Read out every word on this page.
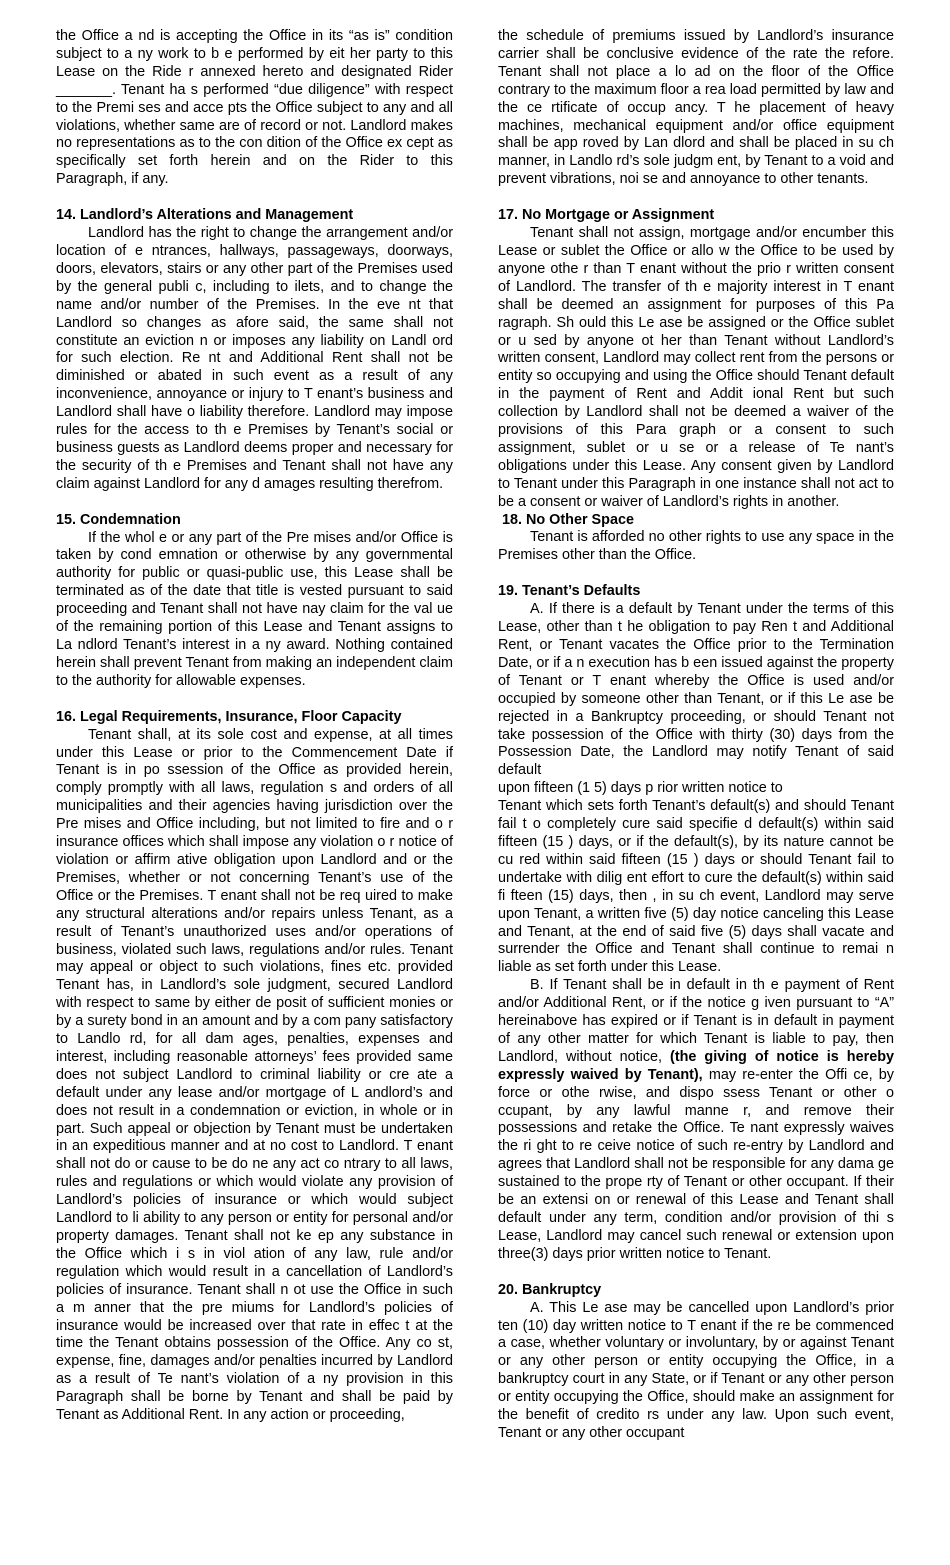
the Office a nd is accepting the Office in its “as is” condition subject to a ny work to b e performed by eit her party to this Lease on the Ride r annexed hereto and designated Rider _______. Tenant ha s performed “due diligence” with respect to the Premi ses and acce pts the Office subject to any and all violations, whether same are of record or not. Landlord makes no representations as to the con dition of the Office ex cept as specifically set forth herein and on the Rider to this Paragraph, if any.

14. Landlord’s Alterations and Management

Landlord has the right to change the arrangement and/or location of e ntrances, hallways, passageways, doorways, doors, elevators, stairs or any other part of the Premises used by the general publi c, including to ilets, and to change the name and/or number of the Premises. In the eve nt that Landlord so changes as afore said, the same shall not constitute an eviction n or imposes any liability on Landl ord for such election. Re nt and Additional Rent shall not be diminished or abated in such event as a result of any inconvenience, annoyance or injury to T enant’s business and Landlord shall have o liability therefore. Landlord may impose rules for the access to th e Premises by Tenant’s social or business guests as Landlord deems proper and necessary for the security of th e Premises and Tenant shall not have any claim against Landlord for any d amages resulting therefrom.

15. Condemnation

If the whol e or any part of the Pre mises and/or Office is taken by cond emnation or otherwise by any governmental authority for public or quasi-public use, this Lease shall be terminated as of the date that title is vested pursuant to said proceeding and Tenant shall not have nay claim for the val ue of the remaining portion of this Lease and Tenant assigns to La ndlord Tenant’s interest in a ny award. Nothing contained herein shall prevent Tenant from making an independent claim to the authority for allowable expenses.

16. Legal Requirements, Insurance, Floor Capacity

Tenant shall, at its sole cost and expense, at all times under this Lease or prior to the Commencement Date if Tenant is in po ssession of the Office as provided herein, comply promptly with all laws, regulation s and orders of all municipalities and their agencies having jurisdiction over the Pre mises and Office including, but not limited to fire and o r insurance offices which shall impose any violation o r notice of violation or affirm ative obligation upon Landlord and or the Premises, whether or not concerning Tenant’s use of the Office or the Premises. T enant shall not be req uired to make any structural alterations and/or repairs unless Tenant, as a result of Tenant’s unauthorized uses and/or operations of business, violated such laws, regulations and/or rules. Tenant may appeal or object to such violations, fines etc. provided Tenant has, in Landlord’s sole judgment, secured Landlord with respect to same by either de posit of sufficient monies or by a surety bond in an amount and by a com pany satisfactory to Landlo rd, for all dam ages, penalties, expenses and interest, including reasonable attorneys’ fees provided same does not subject Landlord to criminal liability or cre ate a default under any lease and/or mortgage of L andlord’s and does not result in a condemnation or eviction, in whole or in part. Such appeal or objection by Tenant must be undertaken in an expeditious manner and at no cost to Landlord. T enant shall not do or cause to be do ne any act co ntrary to all laws, rules and regulations or which would violate any provision of Landlord’s policies of insurance or which would subject Landlord to li ability to any person or entity for personal and/or property damages. Tenant shall not ke ep any substance in the Office which i s in viol ation of any law, rule and/or regulation which would result in a cancellation of Landlord’s policies of insurance. Tenant shall n ot use the Office in such a m anner that the pre miums for Landlord’s policies of insurance would be increased over that rate in effec t at the time the Tenant obtains possession of the Office. Any co st, expense, fine, damages and/or penalties incurred by Landlord as a result of Te nant’s violation of a ny provision in this Paragraph shall be borne by Tenant and shall be paid by Tenant as Additional Rent. In any action or proceeding,

the schedule of premiums issued by Landlord’s insurance carrier shall be conclusive evidence of the rate the refore. Tenant shall not place a lo ad on the floor of the Office contrary to the maximum floor a rea load permitted by law and the ce rtificate of occup ancy. T he placement of heavy machines, mechanical equipment and/or office equipment shall be app roved by Lan dlord and shall be placed in su ch manner, in Landlo rd’s sole judgm ent, by Tenant to a void and prevent vibrations, noi se and annoyance to other tenants.

17. No Mortgage or Assignment

Tenant shall not assign, mortgage and/or encumber this Lease or sublet the Office or allo w the Office to be used by anyone othe r than T enant without the prio r written consent of Landlord. The transfer of th e majority interest in T enant shall be deemed an assignment for purposes of this Pa ragraph. Sh ould this Le ase be assigned or the Office sublet or u sed by anyone ot her than Tenant without Landlord’s written consent, Landlord may collect rent from the persons or entity so occupying and using the Office should Tenant default in the payment of Rent and Addit ional Rent but such collection by Landlord shall not be deemed a waiver of the provisions of this Para graph or a consent to such assignment, sublet or u se or a release of Te nant’s obligations under this Lease. Any consent given by Landlord to Tenant under this Paragraph in one instance shall not act to be a consent or waiver of Landlord’s rights in another.

18. No Other Space

Tenant is afforded no other rights to use any space in the Premises other than the Office.

19. Tenant’s Defaults

A. If there is a default by Tenant under the terms of this Lease, other than t he obligation to pay Ren t and Additional Rent, or Tenant vacates the Office prior to the Termination Date, or if a n execution has b een issued against the property of Tenant or T enant whereby the Office is used and/or occupied by someone other than Tenant, or if this Le ase be rejected in a Bankruptcy proceeding, or should Tenant not take possession of the Office with thirty (30) days from the Possession Date, the Landlord may notify Tenant of said default

upon fifteen (1 5) days p rior written notice to

Tenant which sets forth Tenant’s default(s) and should Tenant fail t o completely cure said specifie d default(s) within said fifteen (15 ) days, or if the default(s), by its nature cannot be cu red within said fifteen (15 ) days or should Tenant fail to undertake with dilig ent effort to cure the default(s) within said fi fteen (15) days, then , in su ch event, Landlord may serve upon Tenant, a written five (5) day notice canceling this Lease and Tenant, at the end of said five (5) days shall vacate and surrender the Office and Tenant shall continue to remai n liable as set forth under this Lease.

B. If Tenant shall be in default in th e payment of Rent and/or Additional Rent, or if the notice g iven pursuant to “A” hereinabove has expired or if Tenant is in default in payment of any other matter for which Tenant is liable to pay, then Landlord, without notice, (the giving of notice is hereby expressly waived by Tenant), may re-enter the Offi ce, by force or othe rwise, and dispo ssess Tenant or other o ccupant, by any lawful manne r, and remove their possessions and retake the Office. Te nant expressly waives the ri ght to re ceive notice of such re-entry by Landlord and agrees that Landlord shall not be responsible for any dama ge sustained to the prope rty of Tenant or other occupant. If their be an extensi on or renewal of this Lease and Tenant shall default under any term, condition and/or provision of thi s Lease, Landlord may cancel such renewal or extension upon three(3) days prior written notice to Tenant.

20. Bankruptcy

A. This Le ase may be cancelled upon Landlord’s prior ten (10) day written notice to T enant if the re be commenced a case, whether voluntary or involuntary, by or against Tenant or any other person or entity occupying the Office, in a bankruptcy court in any State, or if Tenant or any other person or entity occupying the Office, should make an assignment for the benefit of credito rs under any law. Upon such event, Tenant or any other occupant
